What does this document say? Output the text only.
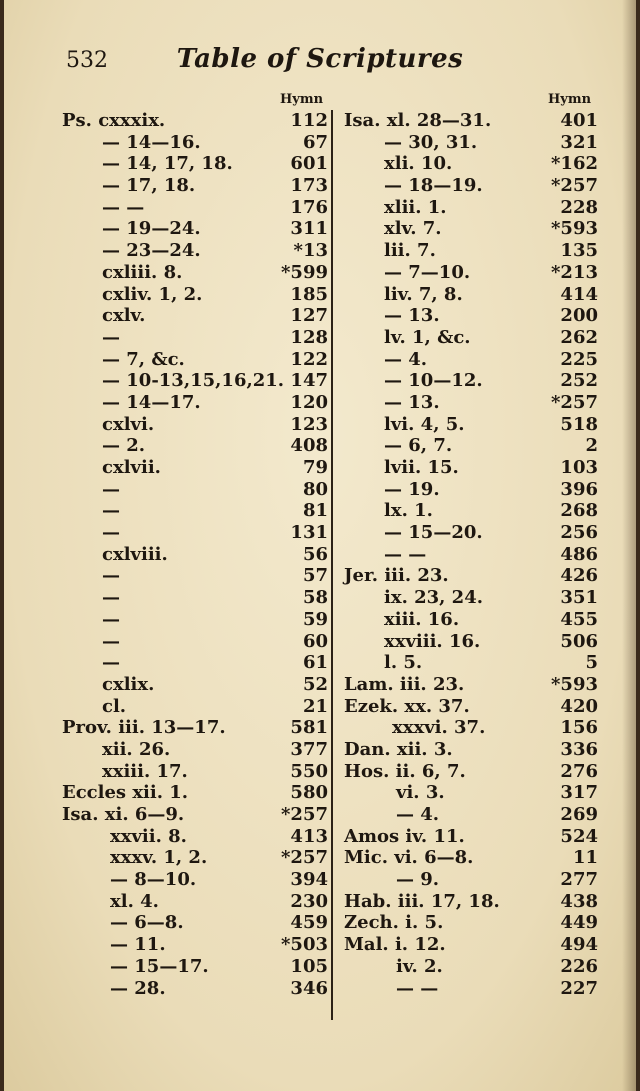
532	Table of Scriptures
Hymn	Hymn
Ps. cxxxix.	112
— 14—16.	67
— 14, 17, 18.	601
— 17, 18.	173
— —	176
— 19—24.	311
— 23—24.	*13
cxliii. 8.	*599
cxliv. 1, 2.	185
cxlv.	127
—	128
— 7, &c.	122
— 10-13,15,16,21. 147
— 14—17.	120
cxlvi.	123
— 2.	408
cxlvii.	79
—	80
—	81
—	131
cxlviii.	56
—	57
—	58
—	59
—	60
—	61
cxlix.	52
cl.	21
Prov. iii. 13—17.	581
xii. 26.	377
xxiii. 17.	550
Eccles xii. 1.	580
Isa. xi. 6—9.	*257
xxvii. 8.	413
xxxv. 1, 2.	*257
— 8—10.	394
xl. 4.	230
— 6—8.	459
— 11.	*503
— 15—17.	105
— 28.	346
Isa. xl. 28—31.	401
— 30, 31.	321
xli. 10.	*162
— 18—19.	*257
xlii. 1.	228
xlv. 7.	*593
lii. 7.	135
— 7—10.	*213
liv. 7, 8.	414
— 13.	200
lv. 1, &c.	262
— 4.	225
— 10—12.	252
— 13.	*257
lvi. 4, 5.	518
— 6, 7.	2
lvii. 15.	103
— 19.	396
lx. 1.	268
— 15—20.	256
— —	486
Jer. iii. 23.	426
ix. 23, 24.	351
xiii. 16.	455
xxviii. 16.	506
l. 5.	5
Lam. iii. 23.	*593
Ezek. xx. 37.	420
xxxvi. 37.	156
Dan. xii. 3.	336
Hos. ii. 6, 7.	276
vi. 3.	317
— 4.	269
Amos iv. 11.	524
Mic. vi. 6—8.	11
— 9.	277
Hab. iii. 17, 18.	438
Zech. i. 5.	449
Mal. i. 12.	494
iv. 2.	226
— —	227
